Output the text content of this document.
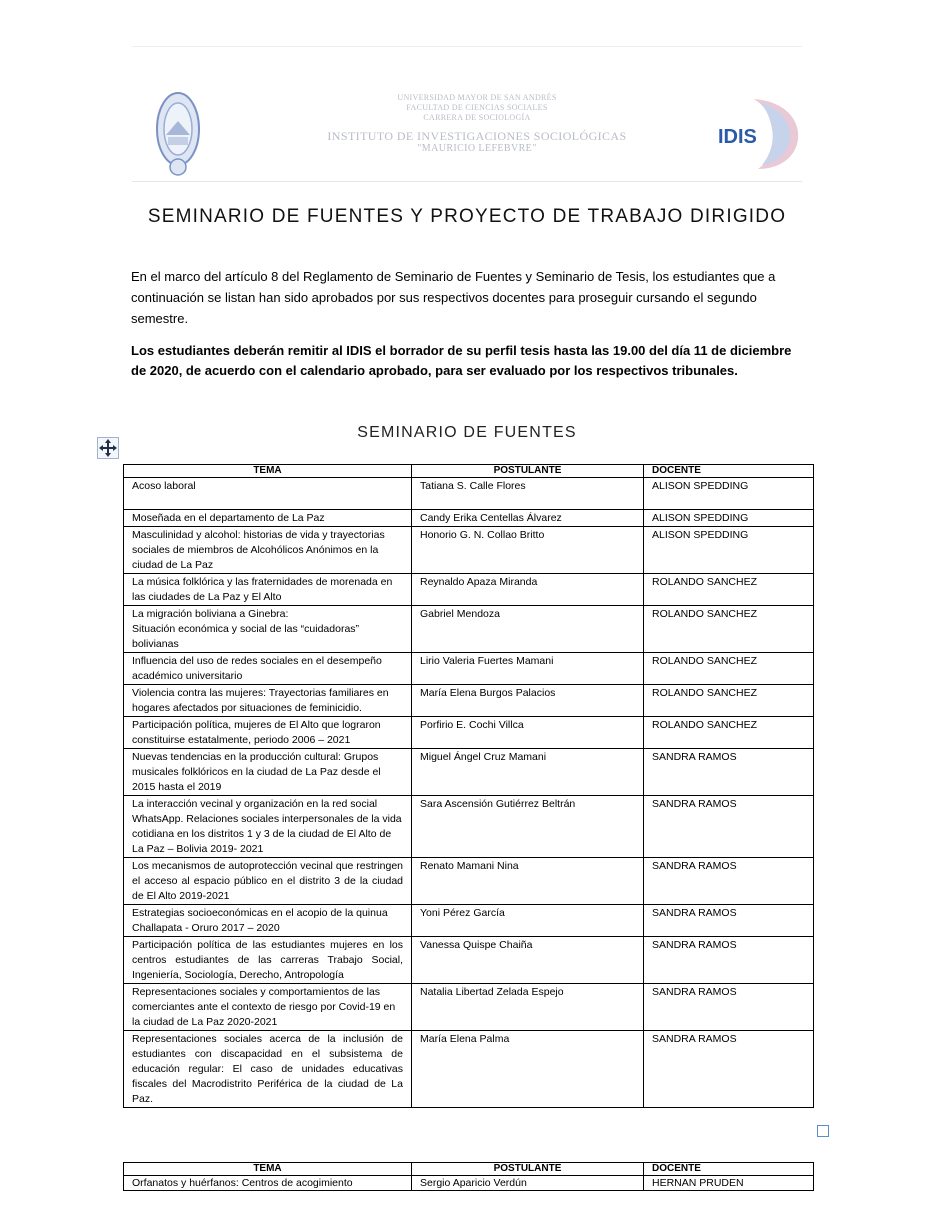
UNIVERSIDAD MAYOR DE SAN ANDRÉS
FACULTAD DE CIENCIAS SOCIALES
CARRERA DE SOCIOLOGÍA
INSTITUTO DE INVESTIGACIONES SOCIOLÓGICAS
"MAURICIO LEFEBVRE"
IDIS
SEMINARIO DE FUENTES Y PROYECTO DE TRABAJO DIRIGIDO
En el marco del artículo 8 del Reglamento de Seminario de Fuentes y Seminario de Tesis, los estudiantes que a continuación se listan han sido aprobados por sus respectivos docentes para proseguir cursando el segundo semestre.
Los estudiantes deberán remitir al IDIS el borrador de su perfil tesis hasta las 19.00 del día 11 de diciembre de 2020, de acuerdo con el calendario aprobado, para ser evaluado por los respectivos tribunales.
SEMINARIO DE FUENTES
TEMA	POSTULANTE	DOCENTE
Acoso laboral	Tatiana S. Calle Flores	ALISON SPEDDING
Moseñada en el departamento de La Paz	Candy Erika Centellas Álvarez	ALISON SPEDDING
Masculinidad y alcohol: historias de vida y trayectorias sociales de miembros de Alcohólicos Anónimos en la ciudad de La Paz	Honorio G. N. Collao Britto	ALISON SPEDDING
La música folklórica y las fraternidades de morenada en las ciudades de La Paz y El Alto	Reynaldo Apaza Miranda	ROLANDO SANCHEZ
La migración boliviana a Ginebra:
Situación económica y social de las “cuidadoras” bolivianas	Gabriel Mendoza	ROLANDO SANCHEZ
Influencia del uso de redes sociales en el desempeño académico universitario	Lirio Valeria Fuertes Mamani	ROLANDO SANCHEZ
Violencia contra las mujeres: Trayectorias familiares en hogares afectados por situaciones de feminicidio.	María Elena Burgos Palacios	ROLANDO SANCHEZ
Participación política, mujeres de El Alto que lograron constituirse estatalmente, periodo 2006 – 2021	Porfirio E. Cochi Villca	ROLANDO SANCHEZ
Nuevas tendencias en la producción cultural: Grupos musicales folklóricos en la ciudad de La Paz desde el 2015 hasta el 2019	Miguel Ángel Cruz Mamani	SANDRA RAMOS
La interacción vecinal y organización en la red social WhatsApp. Relaciones sociales interpersonales de la vida cotidiana en los distritos 1 y 3 de la ciudad de El Alto de La Paz – Bolivia 2019- 2021	Sara Ascensión Gutiérrez Beltrán	SANDRA RAMOS
Los mecanismos de autoprotección vecinal que restringen el acceso al espacio público en el distrito 3 de la ciudad de El Alto 2019-2021	Renato Mamani Nina	SANDRA RAMOS
Estrategias socioeconómicas en el acopio de la quinua Challapata - Oruro 2017 – 2020	Yoni Pérez García	SANDRA RAMOS
Participación política de las estudiantes mujeres en los centros estudiantes de las carreras Trabajo Social, Ingeniería, Sociología, Derecho, Antropología	Vanessa Quispe Chaiña	SANDRA RAMOS
Representaciones sociales y comportamientos de las comerciantes ante el contexto de riesgo por Covid-19 en la ciudad de La Paz 2020-2021	Natalia Libertad Zelada Espejo	SANDRA RAMOS
Representaciones sociales acerca de la inclusión de estudiantes con discapacidad en el subsistema de educación regular: El caso de unidades educativas fiscales del Macrodistrito Periférica de la ciudad de La Paz.	María Elena Palma	SANDRA RAMOS
TEMA	POSTULANTE	DOCENTE
Orfanatos y huérfanos: Centros de acogimiento	Sergio Aparicio Verdún	HERNAN PRUDEN
